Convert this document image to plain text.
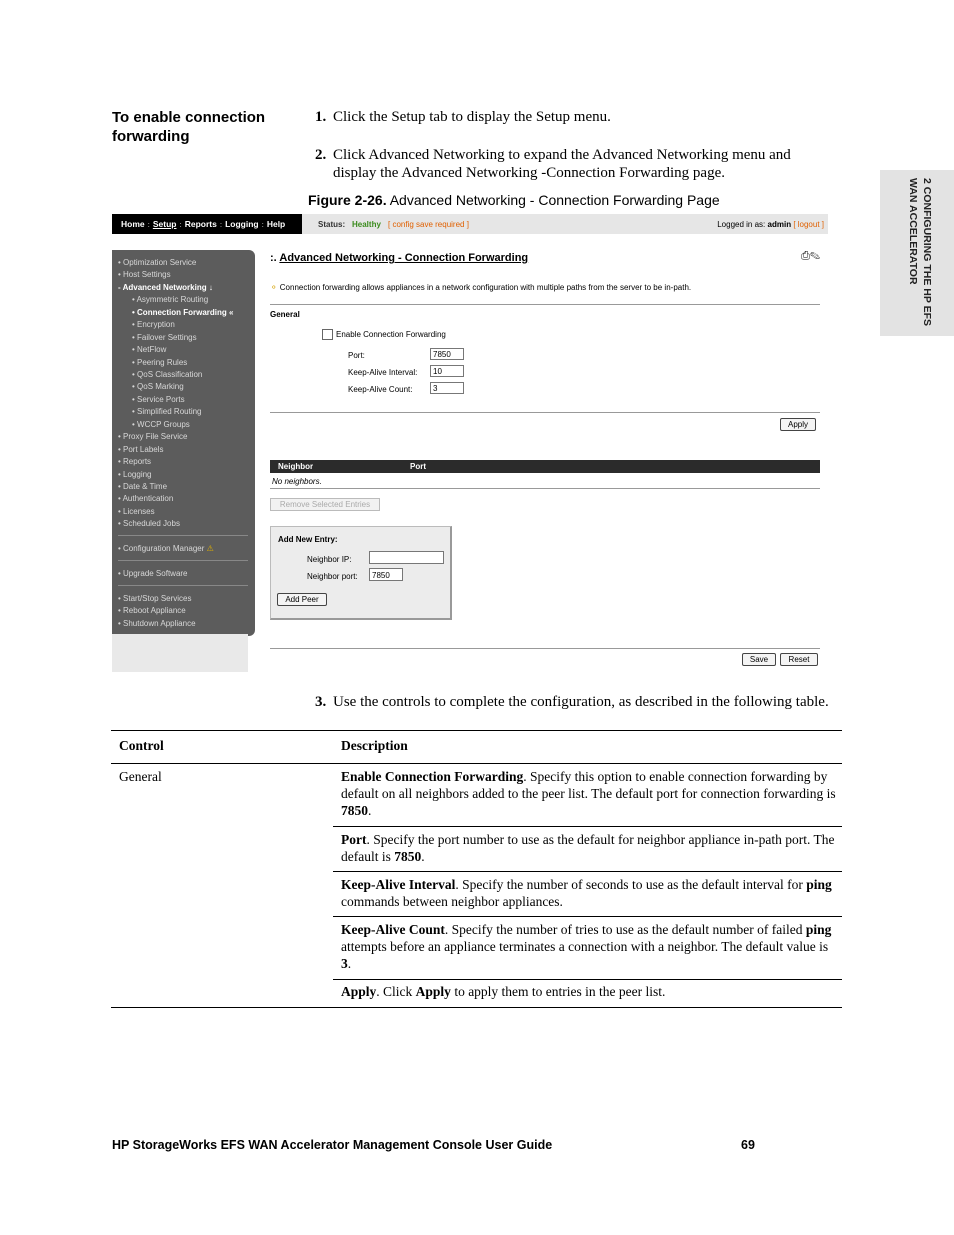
2 CONFIGURING THE HP EFS
WAN ACCELERATOR
To enable connection forwarding
1. Click the Setup tab to display the Setup menu.
2. Click Advanced Networking to expand the Advanced Networking menu and display the Advanced Networking -Connection Forwarding page.
Figure 2-26. Advanced Networking - Connection Forwarding Page
Home : Setup : Reports : Logging : Help	Status: Healthy [ config save required ]	Logged in as: admin [ logout ]
• Optimization Service
• Host Settings
- Advanced Networking ↓
• Asymmetric Routing
• Connection Forwarding «
• Encryption
• Failover Settings
• NetFlow
• Peering Rules
• QoS Classification
• QoS Marking
• Service Ports
• Simplified Routing
• WCCP Groups
• Proxy File Service
• Port Labels
• Reports
• Logging
• Date & Time
• Authentication
• Licenses
• Scheduled Jobs
• Configuration Manager ⚠
• Upgrade Software
• Start/Stop Services
• Reboot Appliance
• Shutdown Appliance
:. Advanced Networking - Connection Forwarding	⎙✎
⚬ Connection forwarding allows appliances in a network configuration with multiple paths from the server to be in-path.
General
Enable Connection Forwarding
Port:	7850
Keep-Alive Interval:	10
Keep-Alive Count:	3
Apply
Neighbor	Port
No neighbors.
Remove Selected Entries
Add New Entry:
Neighbor IP:
Neighbor port:	7850
Add Peer
Save	Reset
3. Use the controls to complete the configuration, as described in the following table.
Control	Description
General	Enable Connection Forwarding. Specify this option to enable connection forwarding by default on all neighbors added to the peer list. The default port for connection forwarding is 7850.
Port. Specify the port number to use as the default for neighbor appliance in-path port. The default is 7850.
Keep-Alive Interval. Specify the number of seconds to use as the default interval for ping commands between neighbor appliances.
Keep-Alive Count. Specify the number of tries to use as the default number of failed ping attempts before an appliance terminates a connection with a neighbor. The default value is 3.
Apply. Click Apply to apply them to entries in the peer list.
HP StorageWorks EFS WAN Accelerator Management Console User Guide	69
